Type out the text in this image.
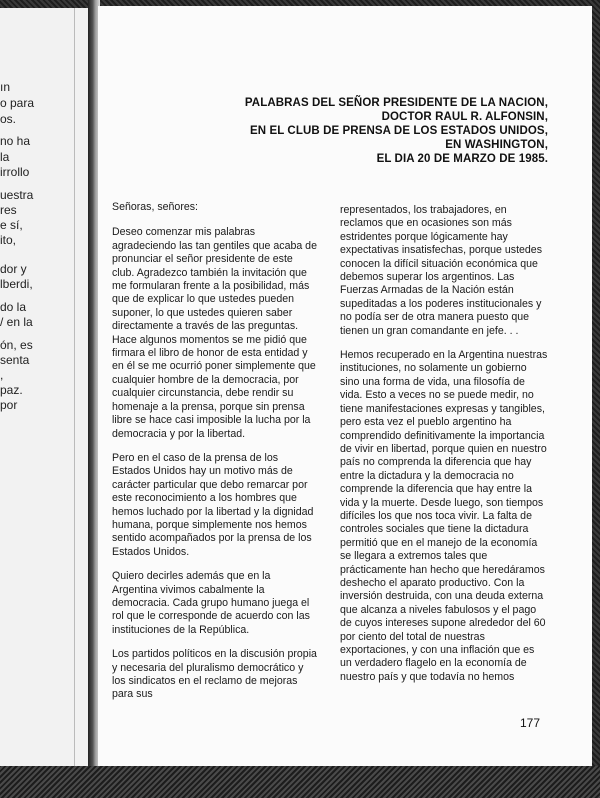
ın
o para
os.
no ha
la
irrollo
uestra
res
e sí,
ito,
dor y
lberdi,
do la
/ en la
ón, es
senta
,
paz.
por
PALABRAS DEL SEÑOR PRESIDENTE DE LA NACION,
DOCTOR RAUL R. ALFONSIN,
EN EL CLUB DE PRENSA DE LOS ESTADOS UNIDOS,
EN WASHINGTON,
EL DIA 20 DE MARZO DE 1985.

Señoras, señores:

Deseo comenzar mis palabras agradeciendo las tan gentiles que acaba de pronunciar el señor presidente de este club. Agradezco también la invitación que me formularan frente a la posibilidad, más que de explicar lo que ustedes pueden suponer, lo que ustedes quieren saber directamente a través de las preguntas. Hace algunos momentos se me pidió que firmara el libro de honor de esta entidad y en él se me ocurrió poner simplemente que cualquier hombre de la democracia, por cualquier circunstancia, debe rendir su homenaje a la prensa, porque sin prensa libre se hace casi imposible la lucha por la democracia y por la libertad.

Pero en el caso de la prensa de los Estados Unidos hay un motivo más de carácter particular que debo remarcar por este reconocimiento a los hombres que hemos luchado por la libertad y la dignidad humana, porque simplemente nos hemos sentido acompañados por la prensa de los Estados Unidos.

Quiero decirles además que en la Argentina vivimos cabalmente la democracia. Cada grupo humano juega el rol que le corresponde de acuerdo con las instituciones de la República.

Los partidos políticos en la discusión propia y necesaria del pluralismo democrático y los sindicatos en el reclamo de mejoras para sus

representados, los trabajadores, en reclamos que en ocasiones son más estridentes porque lógicamente hay expectativas insatisfechas, porque ustedes conocen la difícil situación económica que debemos superar los argentinos. Las Fuerzas Armadas de la Nación están supeditadas a los poderes institucionales y no podía ser de otra manera puesto que tienen un gran comandante en jefe. . .

Hemos recuperado en la Argentina nuestras instituciones, no solamente un gobierno sino una forma de vida, una filosofía de vida. Esto a veces no se puede medir, no tiene manifestaciones expresas y tangibles, pero esta vez el pueblo argentino ha comprendido definitivamente la importancia de vivir en libertad, porque quien en nuestro país no comprenda la diferencia que hay entre la dictadura y la democracia no comprende la diferencia que hay entre la vida y la muerte. Desde luego, son tiempos difíciles los que nos toca vivir. La falta de controles sociales que tiene la dictadura permitió que en el manejo de la economía se llegara a extremos tales que prácticamente han hecho que heredáramos deshecho el aparato productivo. Con la inversión destruida, con una deuda externa que alcanza a niveles fabulosos y el pago de cuyos intereses supone alrededor del 60 por ciento del total de nuestras exportaciones, y con una inflación que es un verdadero flagelo en la economía de nuestro país y que todavía no hemos

177
